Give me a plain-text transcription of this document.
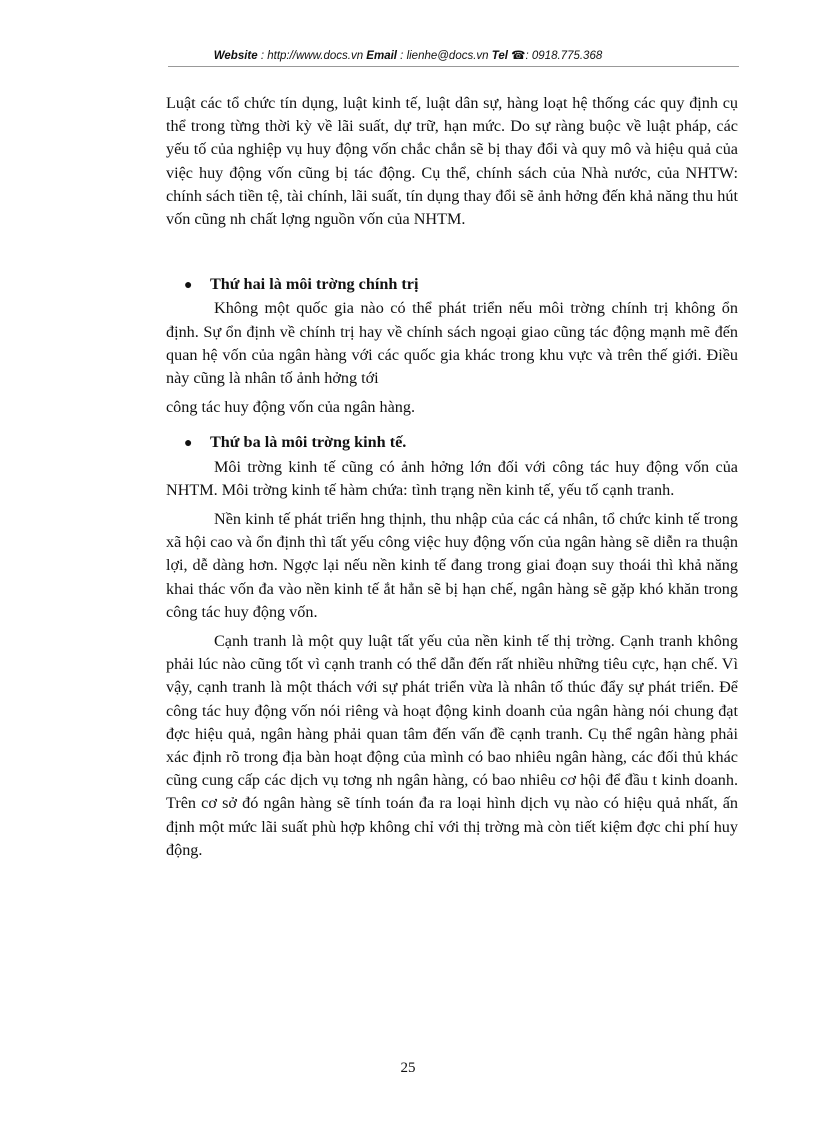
Website : http://www.docs.vn Email : lienhe@docs.vn Tel ☎: 0918.775.368

Luật các tổ chức tín dụng, luật kinh tế, luật dân sự, hàng loạt hệ thống các quy định cụ thể trong từng thời kỳ về lãi suất, dự trữ, hạn mức. Do sự ràng buộc về luật pháp, các yếu tố của nghiệp vụ huy động vốn chắc chắn sẽ bị thay đổi và quy mô và hiệu quả của việc huy động vốn cũng bị tác động. Cụ thể, chính sách của Nhà nước, của NHTW: chính sách tiền tệ, tài chính, lãi suất, tín dụng thay đổi sẽ ảnh hởng đến khả năng thu hút vốn cũng nh chất lợng nguồn vốn của NHTM.

●	Thứ hai là môi trờng chính trị

Không một quốc gia nào có thể phát triển nếu môi trờng chính trị không ổn định. Sự ổn định về chính trị hay về chính sách ngoại giao cũng tác động mạnh mẽ đến quan hệ vốn của ngân hàng với các quốc gia khác trong khu vực và trên thế giới. Điều này cũng là nhân tố ảnh hởng tới

công tác huy động vốn của ngân hàng.

●	Thứ ba là môi trờng kinh tế.

Môi trờng kinh tế cũng có ảnh hởng lớn đối với công tác huy động vốn của NHTM. Môi trờng kinh tế hàm chứa: tình trạng nền kinh tế, yếu tố cạnh tranh.

Nền kinh tế phát triển hng thịnh, thu nhập của các cá nhân, tổ chức kinh tế trong xã hội cao và ổn định thì tất yếu công việc huy động vốn của ngân hàng sẽ diễn ra thuận lợi, dễ dàng hơn. Ngợc lại nếu nền kinh tế đang trong giai đoạn suy thoái thì khả năng khai thác vốn đa vào nền kinh tế ắt hẳn sẽ bị hạn chế, ngân hàng sẽ gặp khó khăn trong công tác huy động vốn.

Cạnh tranh là một quy luật tất yếu của nền kinh tế thị trờng. Cạnh tranh không phải lúc nào cũng tốt vì cạnh tranh có thể dẫn đến rất nhiều những tiêu cực, hạn chế. Vì vậy, cạnh tranh là một thách với sự phát triển vừa là nhân tố thúc đẩy sự phát triển. Để công tác huy động vốn nói riêng và hoạt động kinh doanh của ngân hàng nói chung đạt đợc hiệu quả, ngân hàng phải quan tâm đến vấn đề cạnh tranh. Cụ thể ngân hàng phải xác định rõ trong địa bàn hoạt động của mình có bao nhiêu ngân hàng, các đối thủ khác cũng cung cấp các dịch vụ tơng nh ngân hàng, có bao nhiêu cơ hội để đầu t kinh doanh. Trên cơ sở đó ngân hàng sẽ tính toán đa ra loại hình dịch vụ nào có hiệu quả nhất, ấn định một mức lãi suất phù hợp không chỉ với thị trờng mà còn tiết kiệm đợc chi phí huy động.

25
